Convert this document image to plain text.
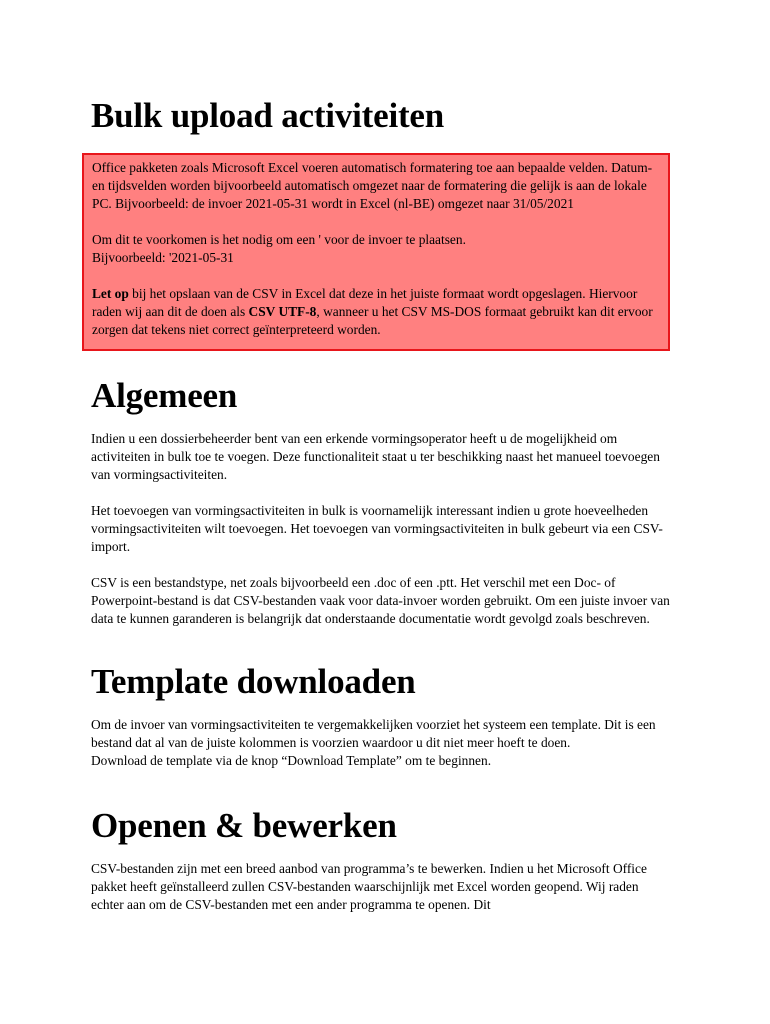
Bulk upload activiteiten

Office pakketen zoals Microsoft Excel voeren automatisch formatering toe aan bepaalde velden. Datum- en tijdsvelden worden bijvoorbeeld automatisch omgezet naar de formatering die gelijk is aan de lokale PC. Bijvoorbeeld: de invoer 2021-05-31 wordt in Excel (nl-BE) omgezet naar 31/05/2021

Om dit te voorkomen is het nodig om een ' voor de invoer te plaatsen.
Bijvoorbeeld: '2021-05-31

Let op bij het opslaan van de CSV in Excel dat deze in het juiste formaat wordt opgeslagen. Hiervoor raden wij aan dit de doen als CSV UTF-8, wanneer u het CSV MS-DOS formaat gebruikt kan dit ervoor zorgen dat tekens niet correct geïnterpreteerd worden.

Algemeen

Indien u een dossierbeheerder bent van een erkende vormingsoperator heeft u de mogelijkheid om activiteiten in bulk toe te voegen. Deze functionaliteit staat u ter beschikking naast het manueel toevoegen van vormingsactiviteiten.

Het toevoegen van vormingsactiviteiten in bulk is voornamelijk interessant indien u grote hoeveelheden vormingsactiviteiten wilt toevoegen. Het toevoegen van vormingsactiviteiten in bulk gebeurt via een CSV-import.

CSV is een bestandstype, net zoals bijvoorbeeld een .doc of een .ptt. Het verschil met een Doc- of Powerpoint-bestand is dat CSV-bestanden vaak voor data-invoer worden gebruikt. Om een juiste invoer van data te kunnen garanderen is belangrijk dat onderstaande documentatie wordt gevolgd zoals beschreven.

Template downloaden

Om de invoer van vormingsactiviteiten te vergemakkelijken voorziet het systeem een template. Dit is een bestand dat al van de juiste kolommen is voorzien waardoor u dit niet meer hoeft te doen.
Download de template via de knop “Download Template” om te beginnen.

Openen & bewerken

CSV-bestanden zijn met een breed aanbod van programma’s te bewerken. Indien u het Microsoft Office pakket heeft geïnstalleerd zullen CSV-bestanden waarschijnlijk met Excel worden geopend. Wij raden echter aan om de CSV-bestanden met een ander programma te openen. Dit
